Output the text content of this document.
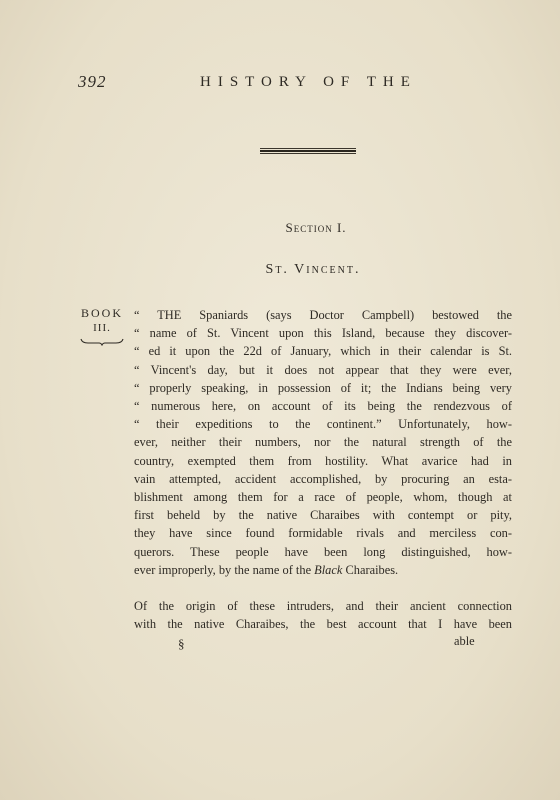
392	HISTORY OF THE
Section I.
St. Vincent.
BOOK
III.
“ THE Spaniards (says Doctor Campbell) bestowed the
“ name of St. Vincent upon this Island, because they discover-
“ ed it upon the 22d of January, which in their calendar is St.
“ Vincent's day, but it does not appear that they were ever,
“ properly speaking, in possession of it; the Indians being very
“ numerous here, on account of its being the rendezvous of
“ their expeditions to the continent.” Unfortunately, how-
ever, neither their numbers, nor the natural strength of the
country, exempted them from hostility. What avarice had in
vain attempted, accident accomplished, by procuring an esta-
blishment among them for a race of people, whom, though at
first beheld by the native Charaibes with contempt or pity,
they have since found formidable rivals and merciless con-
querors. These people have been long distinguished, how-
ever improperly, by the name of the Black Charaibes.
Of the origin of these intruders, and their ancient connection
with the native Charaibes, the best account that I have been
§	able
